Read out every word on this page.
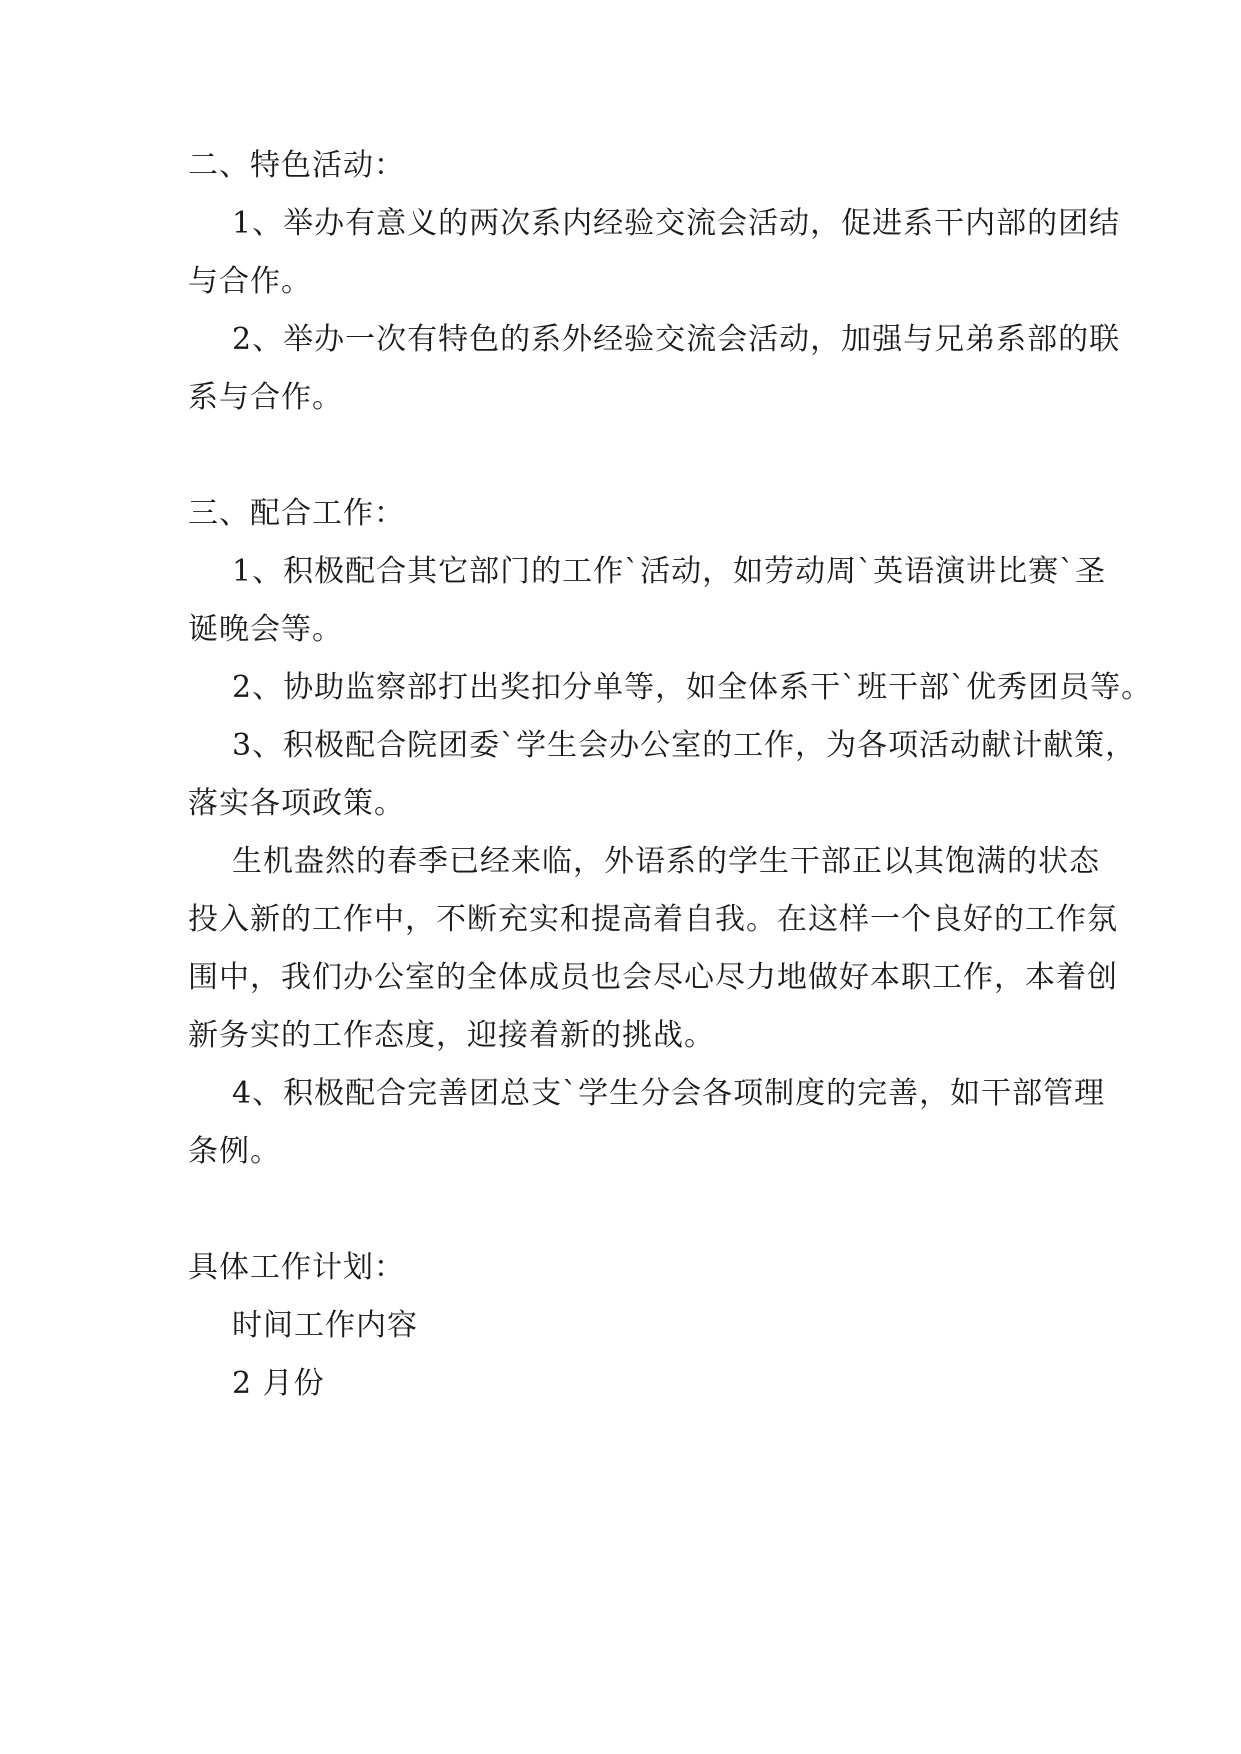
二、特色活动：
1、举办有意义的两次系内经验交流会活动，促进系干内部的团结
与合作。
2、举办一次有特色的系外经验交流会活动，加强与兄弟系部的联
系与合作。
三、配合工作：
1、积极配合其它部门的工作`活动，如劳动周`英语演讲比赛`圣
诞晚会等。
2、协助监察部打出奖扣分单等，如全体系干`班干部`优秀团员等。
3、积极配合院团委`学生会办公室的工作，为各项活动献计献策，
落实各项政策。
生机盎然的春季已经来临，外语系的学生干部正以其饱满的状态
投入新的工作中，不断充实和提高着自我。在这样一个良好的工作氛
围中，我们办公室的全体成员也会尽心尽力地做好本职工作，本着创
新务实的工作态度，迎接着新的挑战。
4、积极配合完善团总支`学生分会各项制度的完善，如干部管理
条例。
具体工作计划：
时间工作内容
2 月份
